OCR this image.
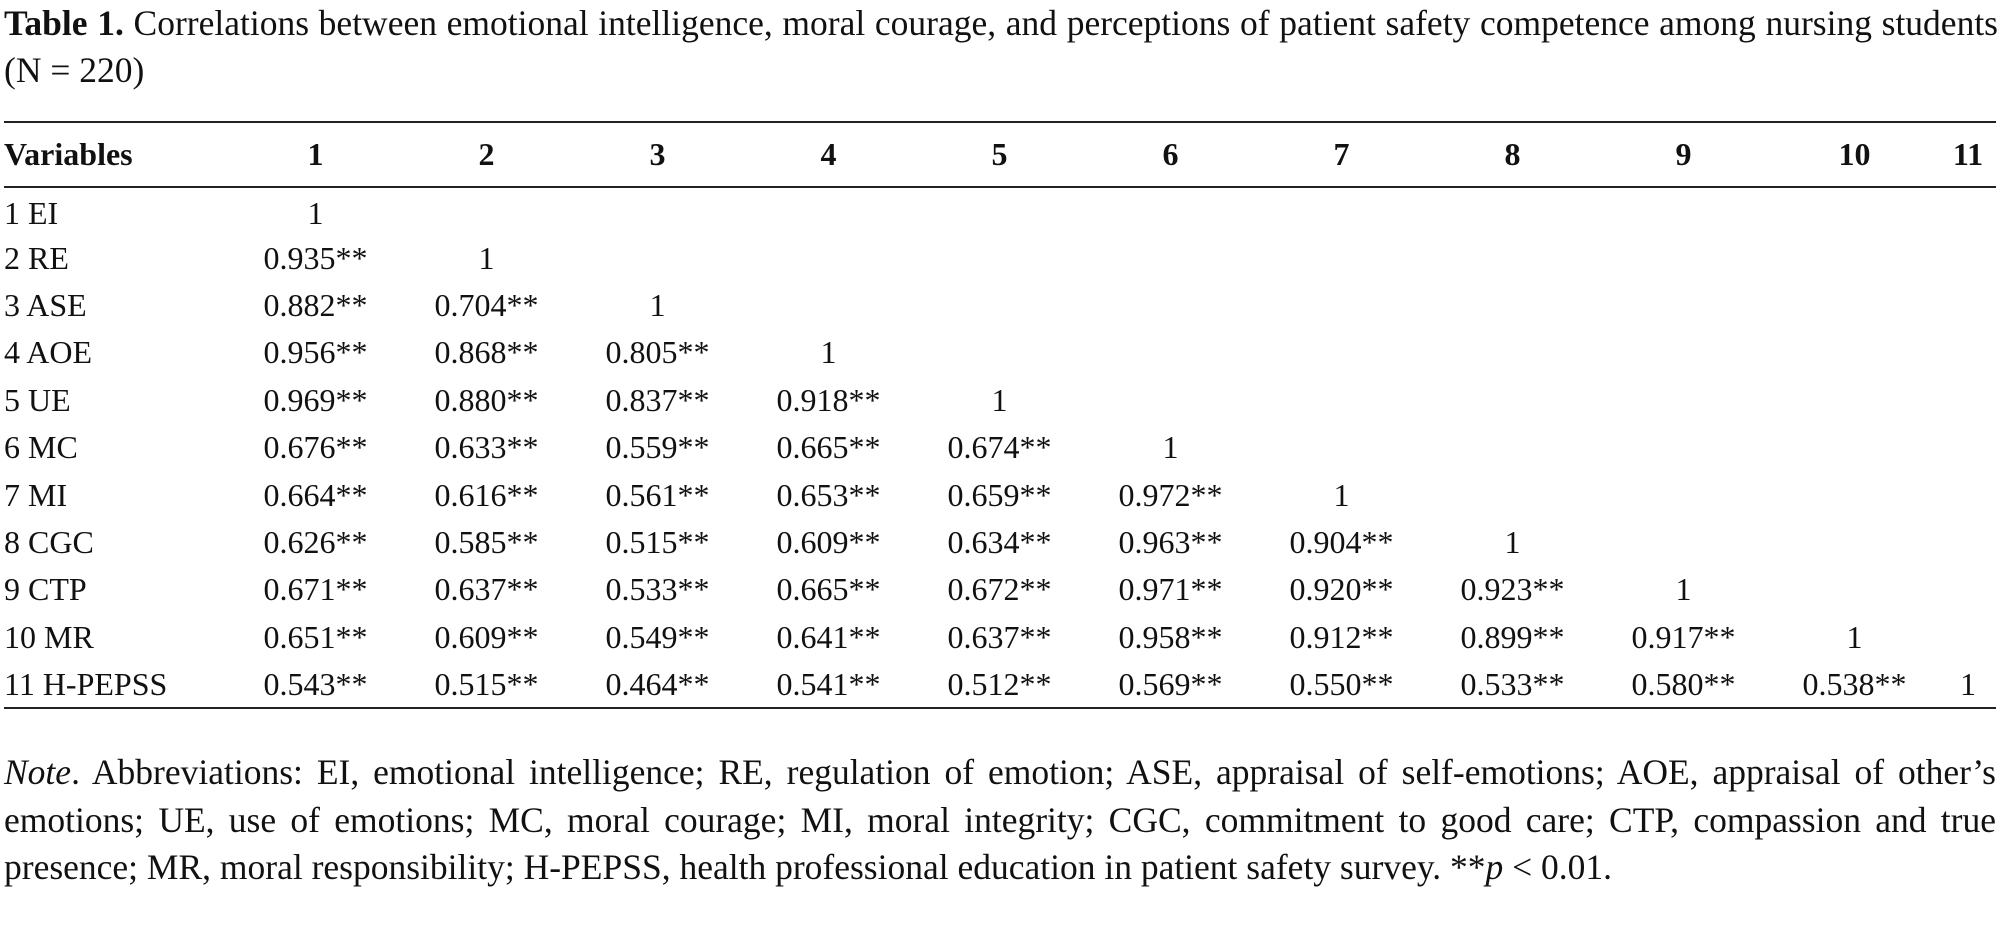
Table 1. Correlations between emotional intelligence, moral courage, and perceptions of patient safety competence among nursing students (N = 220)
Variables	1	2	3	4	5	6	7	8	9	10	11
1 EI	1										
2 RE	0.935**	1									
3 ASE	0.882**	0.704**	1								
4 AOE	0.956**	0.868**	0.805**	1							
5 UE	0.969**	0.880**	0.837**	0.918**	1						
6 MC	0.676**	0.633**	0.559**	0.665**	0.674**	1					
7 MI	0.664**	0.616**	0.561**	0.653**	0.659**	0.972**	1				
8 CGC	0.626**	0.585**	0.515**	0.609**	0.634**	0.963**	0.904**	1			
9 CTP	0.671**	0.637**	0.533**	0.665**	0.672**	0.971**	0.920**	0.923**	1		
10 MR	0.651**	0.609**	0.549**	0.641**	0.637**	0.958**	0.912**	0.899**	0.917**	1	
11 H-PEPSS	0.543**	0.515**	0.464**	0.541**	0.512**	0.569**	0.550**	0.533**	0.580**	0.538**	1
Note. Abbreviations: EI, emotional intelligence; RE, regulation of emotion; ASE, appraisal of self-emotions; AOE, appraisal of other’s emotions; UE, use of emotions; MC, moral courage; MI, moral integrity; CGC, commitment to good care; CTP, compassion and true presence; MR, moral responsibility; H-PEPSS, health professional education in patient safety survey. **p < 0.01.
